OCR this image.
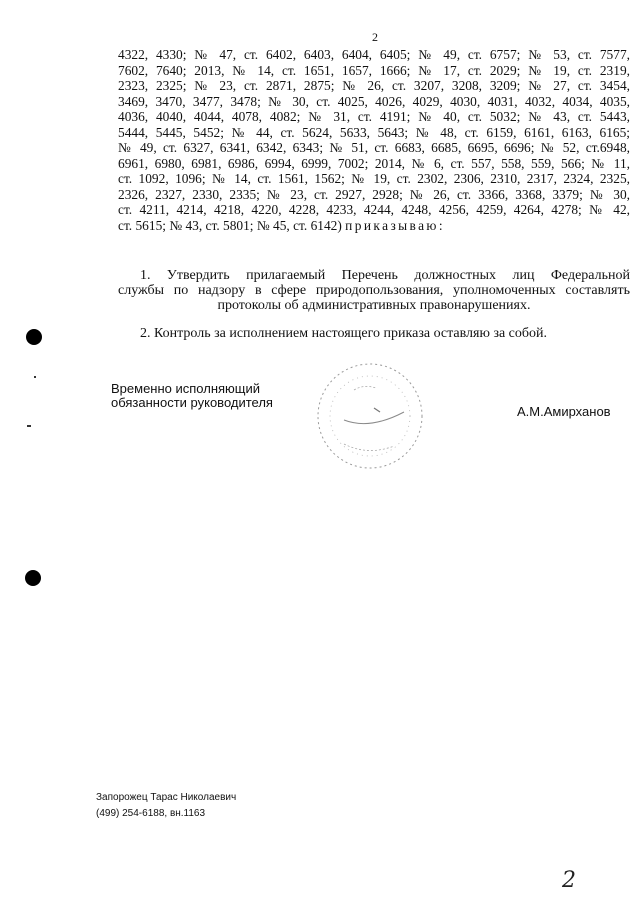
2
4322, 4330; № 47, ст. 6402, 6403, 6404, 6405; № 49, ст. 6757; № 53, ст. 7577,
7602, 7640; 2013, № 14, ст. 1651, 1657, 1666; № 17, ст. 2029; № 19, ст. 2319,
2323, 2325; № 23, ст. 2871, 2875; № 26, ст. 3207, 3208, 3209; № 27, ст. 3454,
3469, 3470, 3477, 3478; № 30, ст. 4025, 4026, 4029, 4030, 4031, 4032, 4034, 4035,
4036, 4040, 4044, 4078, 4082; № 31, ст. 4191; № 40, ст. 5032; № 43, ст. 5443,
5444, 5445, 5452; № 44, ст. 5624, 5633, 5643; № 48, ст. 6159, 6161, 6163, 6165;
№ 49, ст. 6327, 6341, 6342, 6343; № 51, ст. 6683, 6685, 6695, 6696; № 52, ст.6948,
6961, 6980, 6981, 6986, 6994, 6999, 7002; 2014, № 6, ст. 557, 558, 559, 566; № 11,
ст. 1092, 1096; № 14, ст. 1561, 1562; № 19, ст. 2302, 2306, 2310, 2317, 2324, 2325,
2326, 2327, 2330, 2335; № 23, ст. 2927, 2928; № 26, ст. 3366, 3368, 3379; № 30,
ст. 4211, 4214, 4218, 4220, 4228, 4233, 4244, 4248, 4256, 4259, 4264, 4278; № 42,
ст. 5615; № 43, ст. 5801; № 45, ст. 6142) приказываю:
1. Утвердить прилагаемый Перечень должностных лиц Федеральной
службы по надзору в сфере природопользования, уполномоченных составлять
протоколы об административных правонарушениях.
2. Контроль за исполнением настоящего приказа оставляю за собой.
Временно исполняющий
обязанности руководителя
А.М.Амирханов
Запорожец Тарас Николаевич
(499) 254-6188, вн.1163
2
